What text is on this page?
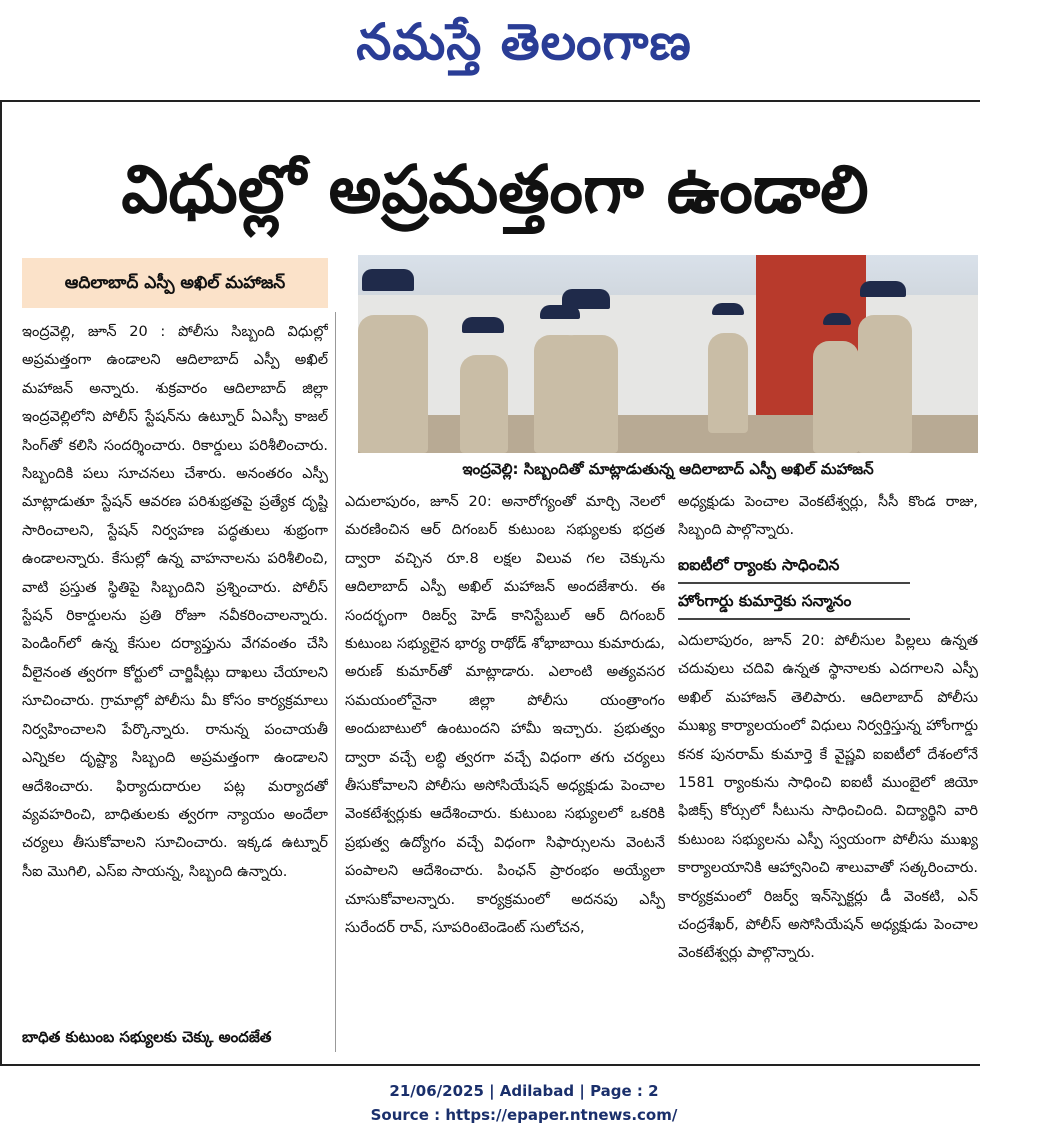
నమస్తే తెలంగాణ
విధుల్లో అప్రమత్తంగా ఉండాలి
ఆదిలాబాద్ ఎస్పీ అఖిల్ మహాజన్
ఇంద్రవెల్లి: సిబ్బందితో మాట్లాడుతున్న ఆదిలాబాద్ ఎస్పీ అఖిల్ మహాజన్

ఇంద్రవెల్లి, జూన్ 20 : పోలీసు సిబ్బంది విధుల్లో అప్రమత్తంగా ఉండాలని ఆదిలాబాద్ ఎస్పీ అఖిల్ మహాజన్ అన్నారు. శుక్రవారం ఆదిలాబాద్ జిల్లా ఇంద్రవెల్లిలోని పోలీస్ స్టేషన్‌ను ఉట్నూర్ ఏఎస్పీ కాజల్ సింగ్‌తో కలిసి సందర్శించారు. రికార్డులు పరిశీలించారు. సిబ్బందికి పలు సూచనలు చేశారు. అనంతరం ఎస్పీ మాట్లాడుతూ స్టేషన్ ఆవరణ పరిశుభ్రతపై ప్రత్యేక దృష్టి సారించాలని, స్టేషన్ నిర్వహణ పద్ధతులు శుభ్రంగా ఉండాలన్నారు. కేసుల్లో ఉన్న వాహనాలను పరిశీలించి, వాటి ప్రస్తుత స్థితిపై సిబ్బందిని ప్రశ్నించారు. పోలీస్ స్టేషన్ రికార్డులను ప్రతి రోజూ నవీకరించాలన్నారు. పెండింగ్‌లో ఉన్న కేసుల దర్యాప్తును వేగవంతం చేసి వీలైనంత త్వరగా కోర్టులో చార్జిషీట్లు దాఖలు చేయాలని సూచించారు. గ్రామాల్లో పోలీసు మీ కోసం కార్యక్రమాలు నిర్వహించాలని పేర్కొన్నారు. రానున్న పంచాయతీ ఎన్నికల దృష్ట్యా సిబ్బంది అప్రమత్తంగా ఉండాలని ఆదేశించారు. ఫిర్యాదుదారుల పట్ల మర్యాదతో వ్యవహరించి, బాధితులకు త్వరగా న్యాయం అందేలా చర్యలు తీసుకోవాలని సూచించారు. ఇక్కడ ఉట్నూర్ సీఐ మొగిలి, ఎస్ఐ సాయన్న, సిబ్బంది ఉన్నారు.

బాధిత కుటుంబ సభ్యులకు చెక్కు అందజేత

ఎదులాపురం, జూన్ 20: అనారోగ్యంతో మార్చి నెలలో మరణించిన ఆర్ దిగంబర్ కుటుంబ సభ్యులకు భద్రత ద్వారా వచ్చిన రూ.8 లక్షల విలువ గల చెక్కును ఆదిలాబాద్ ఎస్పీ అఖిల్ మహాజన్ అందజేశారు. ఈ సందర్భంగా రిజర్వ్ హెడ్ కానిస్టేబుల్ ఆర్ దిగంబర్ కుటుంబ సభ్యులైన భార్య రాథోడ్ శోభాబాయి కుమారుడు, అరుణ్ కుమార్‌తో మాట్లాడారు. ఎలాంటి అత్యవసర సమయంలోనైనా జిల్లా పోలీసు యంత్రాంగం అందుబాటులో ఉంటుందని హామీ ఇచ్చారు. ప్రభుత్వం ద్వారా వచ్చే లబ్ధి త్వరగా వచ్చే విధంగా తగు చర్యలు తీసుకోవాలని పోలీసు అసోసియేషన్ అధ్యక్షుడు పెంచాల వెంకటేశ్వర్లుకు ఆదేశించారు. కుటుంబ సభ్యులలో ఒకరికి ప్రభుత్వ ఉద్యోగం వచ్చే విధంగా సిఫార్సులను వెంటనే పంపాలని ఆదేశించారు. పింఛన్ ప్రారంభం అయ్యేలా చూసుకోవాలన్నారు. కార్యక్రమంలో అదనపు ఎస్పీ సురేందర్ రావ్, సూపరింటెండెంట్ సులోచన,

అధ్యక్షుడు పెంచాల వెంకటేశ్వర్లు, సీసీ కొండ రాజు, సిబ్బంది పాల్గొన్నారు.

ఐఐటీలో ర్యాంకు సాధించిన
హోంగార్డు కుమార్తెకు సన్మానం

ఎదులాపురం, జూన్ 20: పోలీసుల పిల్లలు ఉన్నత చదువులు చదివి ఉన్నత స్థానాలకు ఎదగాలని ఎస్పీ అఖిల్ మహాజన్ తెలిపారు. ఆదిలాబాద్ పోలీసు ముఖ్య కార్యాలయంలో విధులు నిర్వర్తిస్తున్న హోంగార్డు కనక పునరామ్ కుమార్తె కే వైష్ణవి ఐఐటీలో దేశంలోనే 1581 ర్యాంకును సాధించి ఐఐటీ ముంబైలో జియో ఫిజిక్స్ కోర్సులో సీటును సాధించింది. విద్యార్థిని వారి కుటుంబ సభ్యులను ఎస్పీ స్వయంగా పోలీసు ముఖ్య కార్యాలయానికి ఆహ్వానించి శాలువాతో సత్కరించారు. కార్యక్రమంలో రిజర్వ్ ఇన్‌స్పెక్టర్లు డీ వెంకటి, ఎన్ చంద్రశేఖర్, పోలీస్ అసోసియేషన్ అధ్యక్షుడు పెంచాల వెంకటేశ్వర్లు పాల్గొన్నారు.

21/06/2025 | Adilabad | Page : 2
Source : https://epaper.ntnews.com/
